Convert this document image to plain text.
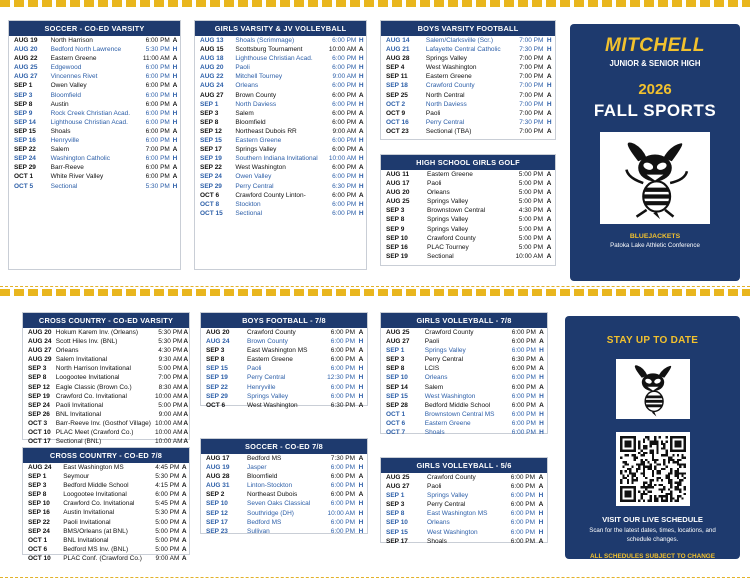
SOCCER - CO-ED VARSITY
AUG 19	North Harrison	6:00 PM	A
AUG 20	Bedford North Lawrence	5:30 PM	H
AUG 22	Eastern Greene	11:00 AM	A
AUG 25	Edgewood	6:00 PM	H
AUG 27	Vincennes Rivet	6:00 PM	H
SEP 1	Owen Valley	6:00 PM	A
SEP 3	Bloomfield	6:00 PM	H
SEP 8	Austin	6:00 PM	A
SEP 9	Rock Creek Christian Acad.	6:00 PM	H
SEP 14	Lighthouse Christian Acad.	6:00 PM	H
SEP 15	Shoals	6:00 PM	A
SEP 16	Henryville	6:00 PM	H
SEP 22	Salem	7:00 PM	A
SEP 24	Washington Catholic	6:00 PM	H
SEP 29	Barr-Reeve	6:00 PM	A
OCT 1	White River Valley	6:00 PM	A
OCT 5	Sectional	5:30 PM	H
GIRLS VARSITY & JV VOLLEYBALL
AUG 13	Shoals (Scrimmage)	6:00 PM	H
AUG 15	Scottsburg Tournament	10:00 AM	A
AUG 18	Lighthouse Christian Acad.	6:00 PM	H
AUG 20	Paoli	6:00 PM	H
AUG 22	Mitchell Tourney	9:00 AM	H
AUG 24	Orleans	6:00 PM	H
AUG 27	Brown County	6:00 PM	A
SEP 1	North Daviess	6:00 PM	H
SEP 3	Salem	6:00 PM	A
SEP 8	Bloomfield	6:00 PM	A
SEP 12	Northeast Dubois RR	9:00 AM	A
SEP 15	Eastern Greene	6:00 PM	H
SEP 17	Springs Valley	6:00 PM	A
SEP 19	Southern Indiana Invitational	10:00 AM	H
SEP 22	West Washington	6:00 PM	A
SEP 24	Owen Valley	6:00 PM	H
SEP 29	Perry Central	6:30 PM	H
OCT 6	Crawford County Linton-	6:00 PM	A
OCT 8	Stockton	6:00 PM	H
OCT 15	Sectional	6:00 PM	H
BOYS VARSITY FOOTBALL
AUG 14	Salem/Clarksville (Scr.)	7:00 PM	H
AUG 21	Lafayette Central Catholic	7:30 PM	H
AUG 28	Springs Valley	7:00 PM	A
SEP 4	West Washington	7:00 PM	A
SEP 11	Eastern Greene	7:00 PM	A
SEP 18	Crawford County	7:00 PM	H
SEP 25	North Central	7:00 PM	A
OCT 2	North Daviess	7:00 PM	H
OCT 9	Paoli	7:00 PM	A
OCT 16	Perry Central	7:30 PM	H
OCT 23	Sectional (TBA)	7:00 PM	A
HIGH SCHOOL GIRLS GOLF
AUG 11	Eastern Greene	5:00 PM	A
AUG 17	Paoli	5:00 PM	A
AUG 20	Orleans	5:00 PM	A
AUG 25	Springs Valley	5:00 PM	A
SEP 3	Brownstown Central	4:30 PM	A
SEP 8	Springs Valley	5:00 PM	A
SEP 9	Springs Valley	5:00 PM	A
SEP 10	Crawford County	5:00 PM	A
SEP 16	PLAC Tourney	5:00 PM	A
SEP 19	Sectional	10:00 AM	A
MITCHELL
JUNIOR & SENIOR HIGH
2026
FALL SPORTS
BLUEJACKETS
Patoka Lake Athletic Conference
CROSS COUNTRY - CO-ED VARSITY
AUG 20	Hokum Karem Inv. (Orleans)	5:30 PM	A
AUG 24	Scott Hiles Inv. (BNL)	5:30 PM	A
AUG 27	Orleans	4:30 PM	A
AUG 29	Salem Invitational	9:30 AM	A
SEP 3	North Harrison Invitational	5:00 PM	A
SEP 8	Loogootee Invitational	7:00 PM	A
SEP 12	Eagle Classic (Brown Co.)	8:30 AM	A
SEP 19	Crawford Co. Invitational	10:00 AM	A
SEP 24	Paoli Invitational	5:00 PM	A
SEP 26	BNL Invitational	9:00 AM	A
OCT 3	Barr-Reeve Inv. (Gosthof Village)	10:00 AM	A
OCT 10	PLAC Meet (Crawford Co.)	10:00 AM	A
OCT 17	Sectional (BNL)	10:00 AM	A
CROSS COUNTRY - CO-ED 7/8
AUG 24	East Washington MS	4:45 PM	A
SEP 1	Seymour	5:30 PM	A
SEP 3	Bedford Middle School	4:15 PM	A
SEP 8	Loogootee Invitational	6:00 PM	A
SEP 10	Crawford Co. Invitational	5:45 PM	A
SEP 16	Austin Invitational	5:30 PM	A
SEP 22	Paoli Invitational	5:00 PM	A
SEP 24	BMS/Orleans (at BNL)	5:00 PM	A
OCT 1	BNL Invitational	5:00 PM	A
OCT 6	Bedford MS Inv. (BNL)	5:00 PM	A
OCT 10	PLAC Conf. (Crawford Co.)	9:00 AM	A
BOYS FOOTBALL - 7/8
AUG 20	Crawford County	6:00 PM	A
AUG 24	Brown County	6:00 PM	H
SEP 3	East Washington MS	6:00 PM	A
SEP 8	Eastern Greene	6:00 PM	A
SEP 15	Paoli	6:00 PM	H
SEP 19	Perry Central	12:30 PM	H
SEP 22	Henryville	6:00 PM	H
SEP 29	Springs Valley	6:00 PM	H
OCT 6	West Washington	6:30 PM	A
SOCCER - CO-ED 7/8
AUG 17	Bedford MS	7:30 PM	A
AUG 19	Jasper	6:00 PM	H
AUG 28	Bloomfield	6:00 PM	A
AUG 31	Linton-Stockton	6:00 PM	H
SEP 2	Northeast Dubois	6:00 PM	A
SEP 10	Seven Oaks Classical	6:00 PM	H
SEP 12	Southridge (DH)	10:00 AM	H
SEP 17	Bedford MS	6:00 PM	H
SEP 23	Sullivan	6:00 PM	H
GIRLS VOLLEYBALL - 7/8
AUG 25	Crawford County	6:00 PM	A
AUG 27	Paoli	6:00 PM	A
SEP 1	Springs Valley	6:00 PM	H
SEP 3	Perry Central	6:30 PM	A
SEP 8	LCIS	6:00 PM	A
SEP 10	Orleans	6:00 PM	H
SEP 14	Salem	6:00 PM	A
SEP 15	West Washington	6:00 PM	H
SEP 28	Bedford Middle School	6:00 PM	A
OCT 1	Brownstown Central MS	6:00 PM	H
OCT 6	Eastern Greene	6:00 PM	H
OCT 7	Shoals	6:00 PM	H
GIRLS VOLLEYBALL - 5/6
AUG 25	Crawford County	6:00 PM	A
AUG 27	Paoli	6:00 PM	A
SEP 1	Springs Valley	6:00 PM	H
SEP 3	Perry Central	6:00 PM	A
SEP 8	East Washington MS	6:00 PM	H
SEP 10	Orleans	6:00 PM	H
SEP 15	West Washington	6:00 PM	H
SEP 17	Shoals	6:00 PM	A
STAY UP TO DATE
VISIT OUR LIVE SCHEDULE
Scan for the latest dates, times, locations, and schedule changes.
ALL SCHEDULES SUBJECT TO CHANGE
